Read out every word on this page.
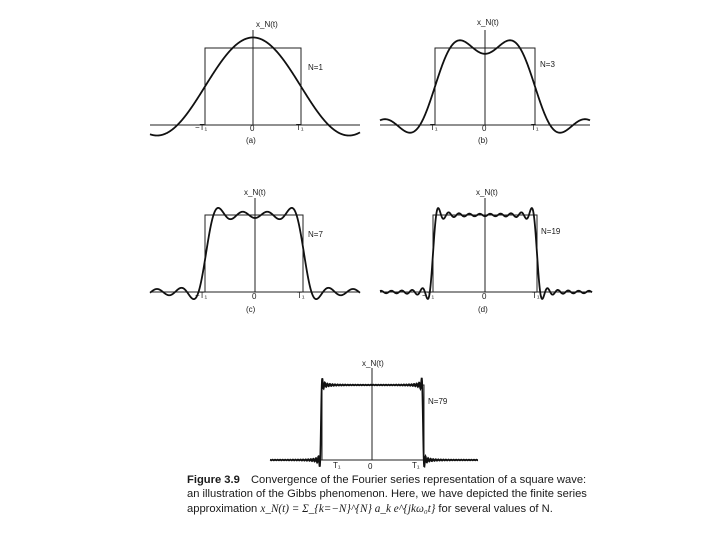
x_N(t)
N=1
−T₁	0	T₁
(a)
x_N(t)
N=3
T₁	0	T₁
(b)
x_N(t)
N=7
−T₁	0	T₁
(c)
x_N(t)
N=19
−T₁	0	T₁
(d)
x_N(t)
N=79
T₁	0	T₁
Figure 3.9 Convergence of the Fourier series representation of a square wave: an illustration of the Gibbs phenomenon. Here, we have depicted the finite series approximation x_N(t) = Σ_{k=−N}^{N} a_k e^{jkω₀t} for several values of N.
